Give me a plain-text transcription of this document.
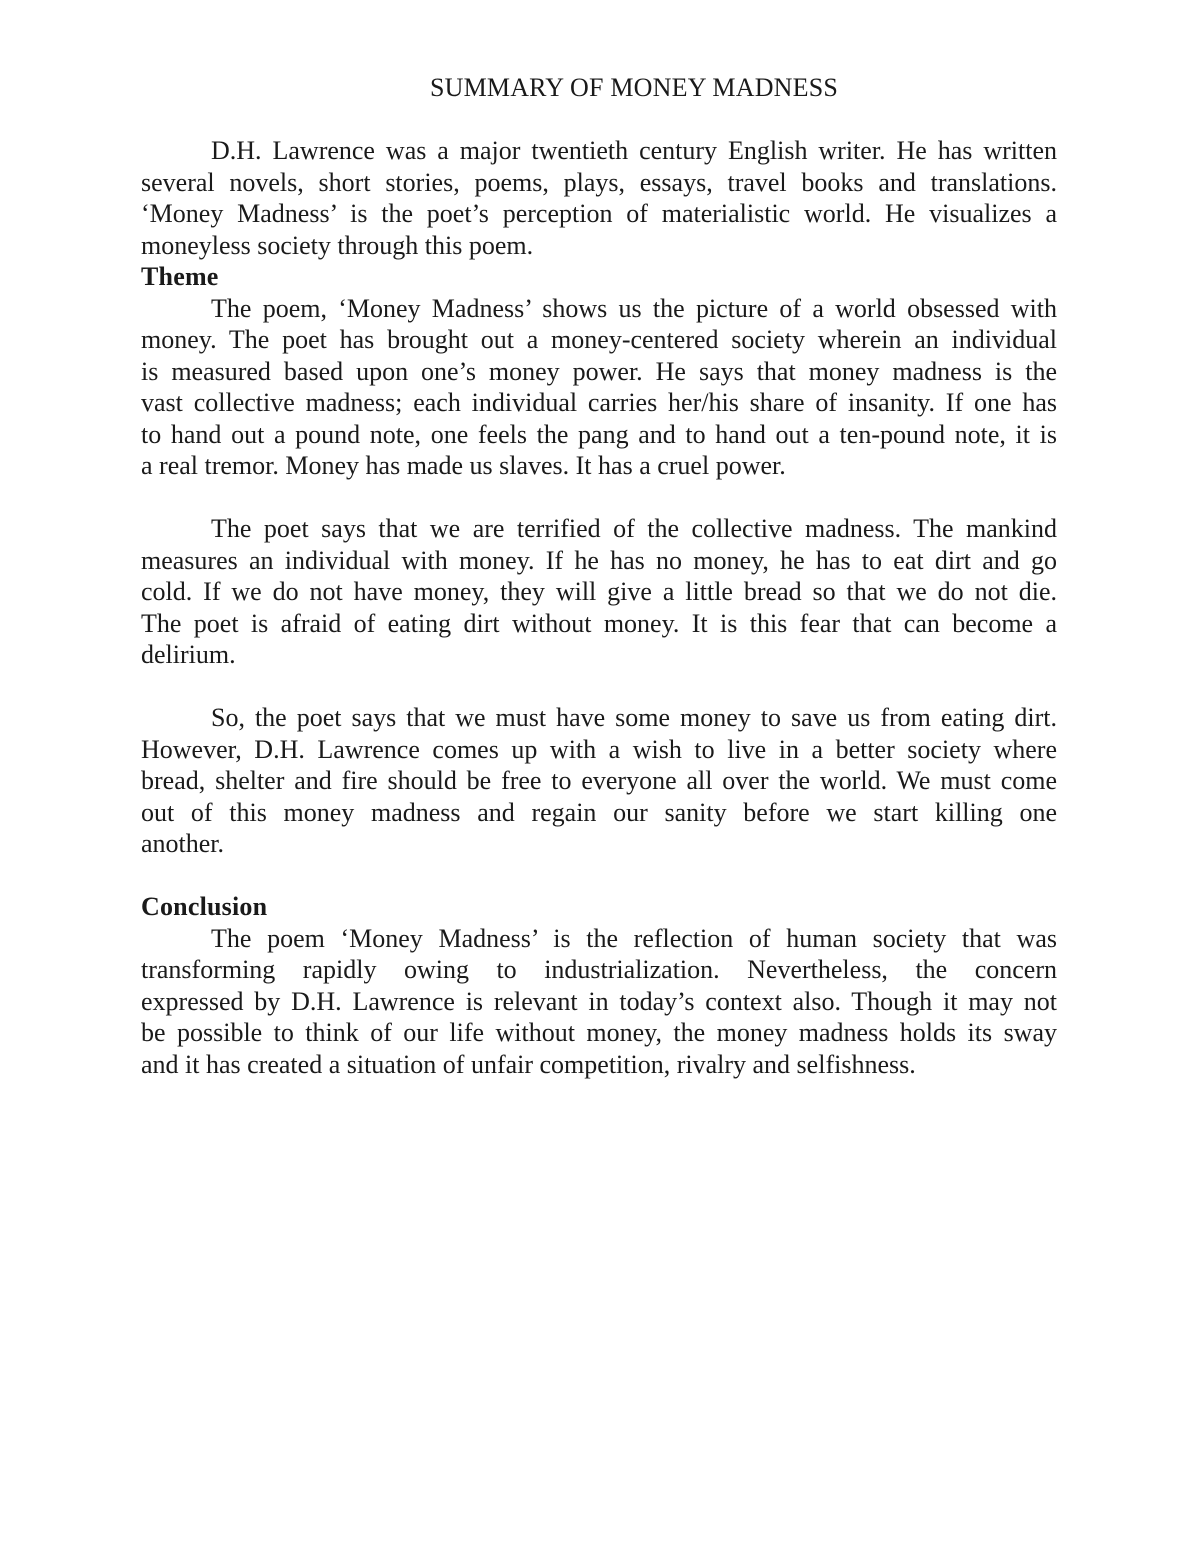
SUMMARY OF MONEY MADNESS
D.H. Lawrence was a major twentieth century English writer. He has written
several novels, short stories, poems, plays, essays, travel books and translations.
‘Money Madness’ is the poet’s perception of materialistic world. He visualizes a
moneyless society through this poem.
Theme
The poem, ‘Money Madness’ shows us the picture of a world obsessed with
money. The poet has brought out a money-centered society wherein an individual
is measured based upon one’s money power. He says that money madness is the
vast collective madness; each individual carries her/his share of insanity. If one has
to hand out a pound note, one feels the pang and to hand out a ten-pound note, it is
a real tremor. Money has made us slaves. It has a cruel power.
The poet says that we are terrified of the collective madness. The mankind
measures an individual with money. If he has no money, he has to eat dirt and go
cold. If we do not have money, they will give a little bread so that we do not die.
The poet is afraid of eating dirt without money. It is this fear that can become a
delirium.
So, the poet says that we must have some money to save us from eating dirt.
However, D.H. Lawrence comes up with a wish to live in a better society where
bread, shelter and fire should be free to everyone all over the world. We must come
out of this money madness and regain our sanity before we start killing one
another.
Conclusion
The poem ‘Money Madness’ is the reflection of human society that was
transforming rapidly owing to industrialization. Nevertheless, the concern
expressed by D.H. Lawrence is relevant in today’s context also. Though it may not
be possible to think of our life without money, the money madness holds its sway
and it has created a situation of unfair competition, rivalry and selfishness.
